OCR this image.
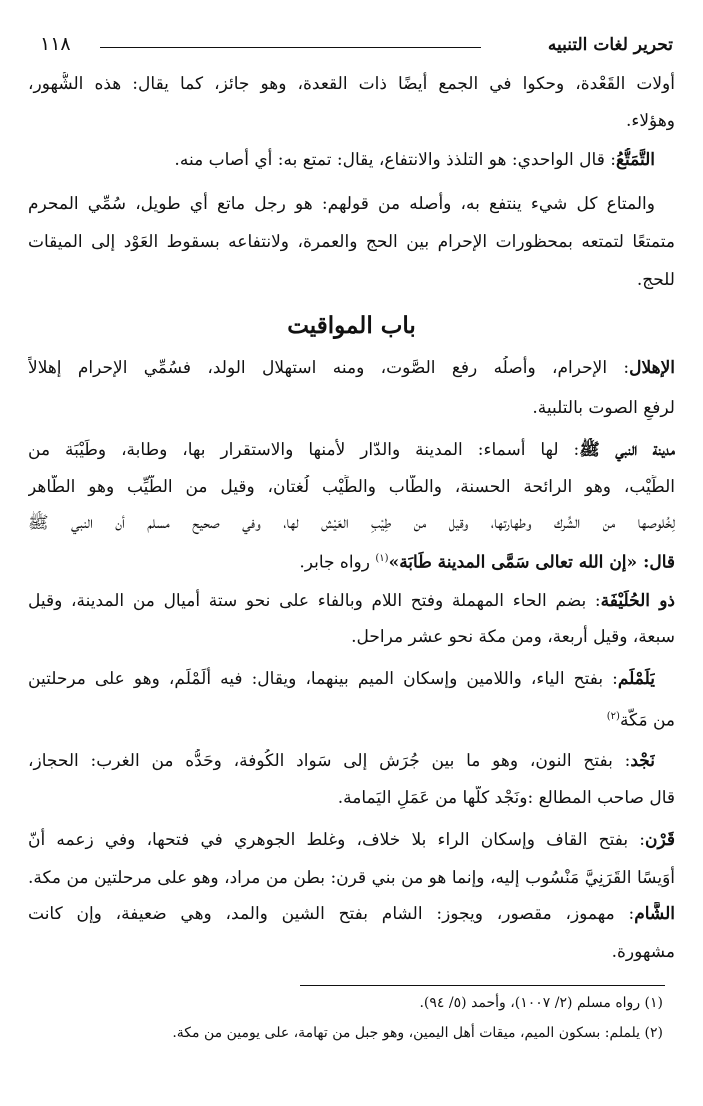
تحرير لغات التنبيه
١١٨
أُولات القَعْدة، وحكوا في الجمع أيضًا ذات القعدة، وهو جائز، كما يقال: هذه الشُّهور،
وهؤلاء.
التَّمَتُّعُ: قال الواحدي: هو التلذذ والانتفاع، يقال: تمتع به: أي أصاب منه.
والمتاع كل شيء ينتفع به، وأصله من قولهم: هو رجل ماتع أي طويل، سُمِّي المحرم
متمتعًا لتمتعه بمحظورات الإحرام بين الحج والعمرة، ولانتفاعه بسقوط العَوْد إلى الميقات
للحج.
باب المواقيت
الإهلال: الإحرام، وأصلُه رفع الصَّوت، ومنه استهلال الولد، فسُمِّي الإحرام إهلالاً
لرفعِ الصوت بالتلبية.
مدينة النبي ﷺ: لها أسماء: المدينة والدّار لأمنها والاستقرار بها، وطابة، وطَيْبَة من
الطِّيْب، وهو الرائحة الحسنة، والطَّاب والطِّيْب لُغتان، وقيل من الطَّيِّب وهو الطّاهر
لِخُلوصها من الشِّرك وطهارتها، وقيل من طِيْبِ العَيْش لها، وفي صحيح مسلم أن النبي ﷺ
قال: «إن الله تعالى سَمَّى المدينة طَابَة»$^{(١)}$ رواه جابر.
ذو الحُلَيْفَة: بضم الحاء المهملة وفتح اللام وبالفاء على نحو ستة أميال من المدينة، وقيل
سبعة، وقيل أربعة، ومن مكة نحو عشر مراحل.
يَلَمْلَم: بفتح الياء، واللامين وإسكان الميم بينهما، ويقال: فيه أَلَمْلَم، وهو على مرحلتين
من مَكّة$^{(٢)}$
نَجْد: بفتح النون، وهو ما بين جُرَش إلى سَواد الكُوفة، وحَدُّه من الغرب: الحجاز،
قال صاحب المطالع :ونَجْد كلُّها من عَمَلِ اليَمامة.
قَرْن: بفتح القاف وإسكان الراء بلا خلاف، وغلط الجوهري في فتحها، وفي زعمه أنّ
أُوَيسًا القَرَنِيَّ مَنْسُوب إليه، وإنما هو من بني قرن: بطن من مراد، وهو على مرحلتين من مكة.
الشَّام: مهموز، مقصور، ويجوز: الشام بفتح الشين والمد، وهي ضعيفة، وإن كانت
مشهورة.
(١) رواه مسلم (٢/ ١٠٠٧)، وأحمد (٥/ ٩٤).
(٢) يلملم: بسكون الميم، ميقات أهل اليمين، وهو جبل من تهامة، على يومين من مكة.
